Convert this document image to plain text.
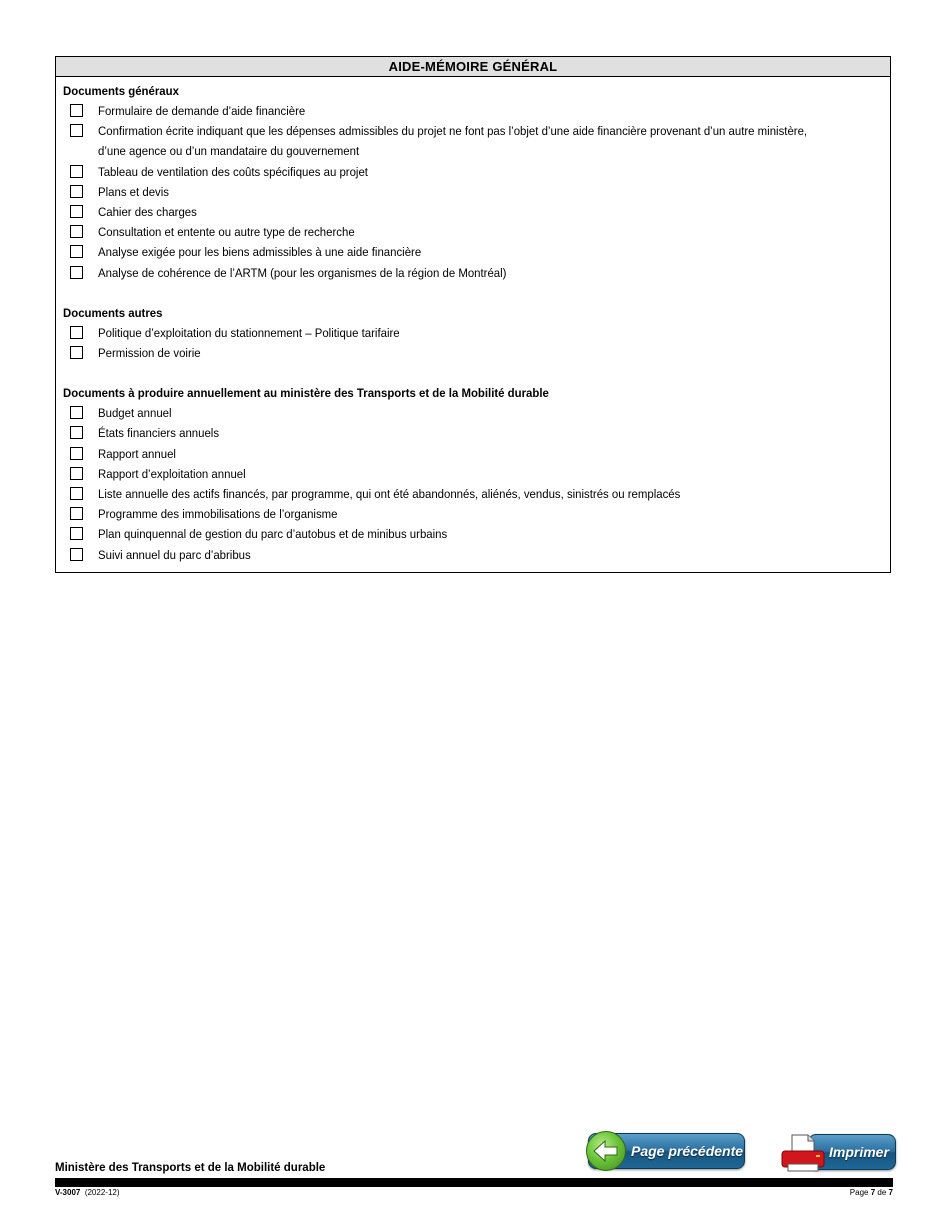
AIDE-MÉMOIRE GÉNÉRAL
Documents généraux
Formulaire de demande d’aide financière
Confirmation écrite indiquant que les dépenses admissibles du projet ne font pas l’objet d’une aide financière provenant d’un autre ministère, d’une agence ou d’un mandataire du gouvernement
Tableau de ventilation des coûts spécifiques au projet
Plans et devis
Cahier des charges
Consultation et entente ou autre type de recherche
Analyse exigée pour les biens admissibles à une aide financière
Analyse de cohérence de l’ARTM (pour les organismes de la région de Montréal)
Documents autres
Politique d’exploitation du stationnement – Politique tarifaire
Permission de voirie
Documents à produire annuellement au ministère des Transports et de la Mobilité durable
Budget annuel
États financiers annuels
Rapport annuel
Rapport d’exploitation annuel
Liste annuelle des actifs financés, par programme, qui ont été abandonnés, aliénés, vendus, sinistrés ou remplacés
Programme des immobilisations de l’organisme
Plan quinquennal de gestion du parc d’autobus et de minibus urbains
Suivi annuel du parc d’abribus
Page précédente	Imprimer
Ministère des Transports et de la Mobilité durable
V-3007 (2022-12)	Page 7 de 7
